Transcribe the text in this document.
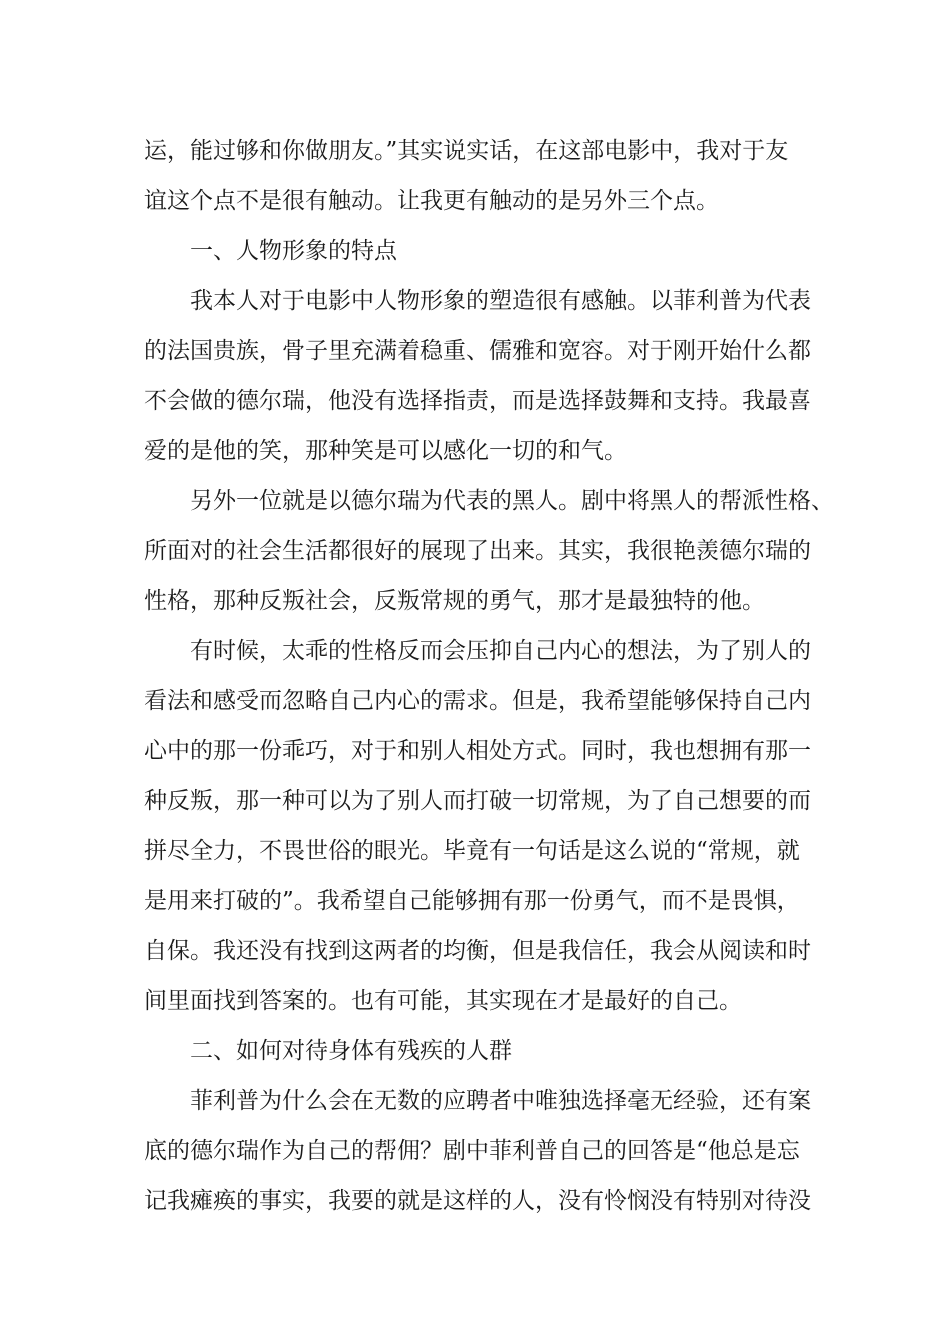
运，能过够和你做朋友。”其实说实话，在这部电影中，我对于友
谊这个点不是很有触动。让我更有触动的是另外三个点。
一、人物形象的特点
我本人对于电影中人物形象的塑造很有感触。以菲利普为代表
的法国贵族，骨子里充满着稳重、儒雅和宽容。对于刚开始什么都
不会做的德尔瑞，他没有选择指责，而是选择鼓舞和支持。我最喜
爱的是他的笑，那种笑是可以感化一切的和气。
另外一位就是以德尔瑞为代表的黑人。剧中将黑人的帮派性格、
所面对的社会生活都很好的展现了出来。其实，我很艳羡德尔瑞的
性格，那种反叛社会，反叛常规的勇气，那才是最独特的他。
有时候，太乖的性格反而会压抑自己内心的想法，为了别人的
看法和感受而忽略自己内心的需求。但是，我希望能够保持自己内
心中的那一份乖巧，对于和别人相处方式。同时，我也想拥有那一
种反叛，那一种可以为了别人而打破一切常规，为了自己想要的而
拼尽全力，不畏世俗的眼光。毕竟有一句话是这么说的“常规，就
是用来打破的”。我希望自己能够拥有那一份勇气，而不是畏惧，
自保。我还没有找到这两者的均衡，但是我信任，我会从阅读和时
间里面找到答案的。也有可能，其实现在才是最好的自己。
二、如何对待身体有残疾的人群
菲利普为什么会在无数的应聘者中唯独选择毫无经验，还有案
底的德尔瑞作为自己的帮佣？剧中菲利普自己的回答是“他总是忘
记我瘫痪的事实，我要的就是这样的人，没有怜悯没有特别对待没
